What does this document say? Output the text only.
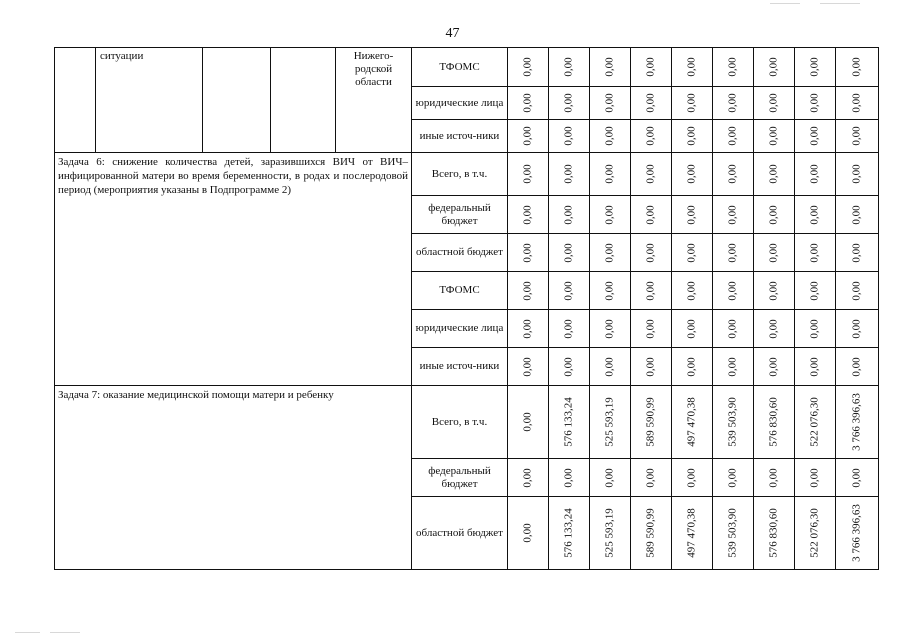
47
	ситуации			Нижего-родской области	ТФОМС	0,00	0,00	0,00	0,00	0,00	0,00	0,00	0,00	0,00

					юридические лица	0,00	0,00	0,00	0,00	0,00	0,00	0,00	0,00	0,00

					иные источ-ники	0,00	0,00	0,00	0,00	0,00	0,00	0,00	0,00	0,00

Задача 6: снижение количества детей, заразившихся ВИЧ от ВИЧ–инфицированной матери во время беременности, в родах и послеродовой период (мероприятия указаны в Подпрограмме 2)					Всего, в т.ч.	0,00	0,00	0,00	0,00	0,00	0,00	0,00	0,00	0,00

					федеральный бюджет	0,00	0,00	0,00	0,00	0,00	0,00	0,00	0,00	0,00

					областной бюджет	0,00	0,00	0,00	0,00	0,00	0,00	0,00	0,00	0,00

					ТФОМС	0,00	0,00	0,00	0,00	0,00	0,00	0,00	0,00	0,00

					юридические лица	0,00	0,00	0,00	0,00	0,00	0,00	0,00	0,00	0,00

					иные источ-ники	0,00	0,00	0,00	0,00	0,00	0,00	0,00	0,00	0,00

Задача 7: оказание медицинской помощи матери и ребенку					Всего, в т.ч.	0,00	576 133,24	525 593,19	589 590,99	497 470,38	539 503,90	576 830,60	522 076,30	3 766 396,63

					федеральный бюджет	0,00	0,00	0,00	0,00	0,00	0,00	0,00	0,00	0,00

					областной бюджет	0,00	576 133,24	525 593,19	589 590,99	497 470,38	539 503,90	576 830,60	522 076,30	3 766 396,63
